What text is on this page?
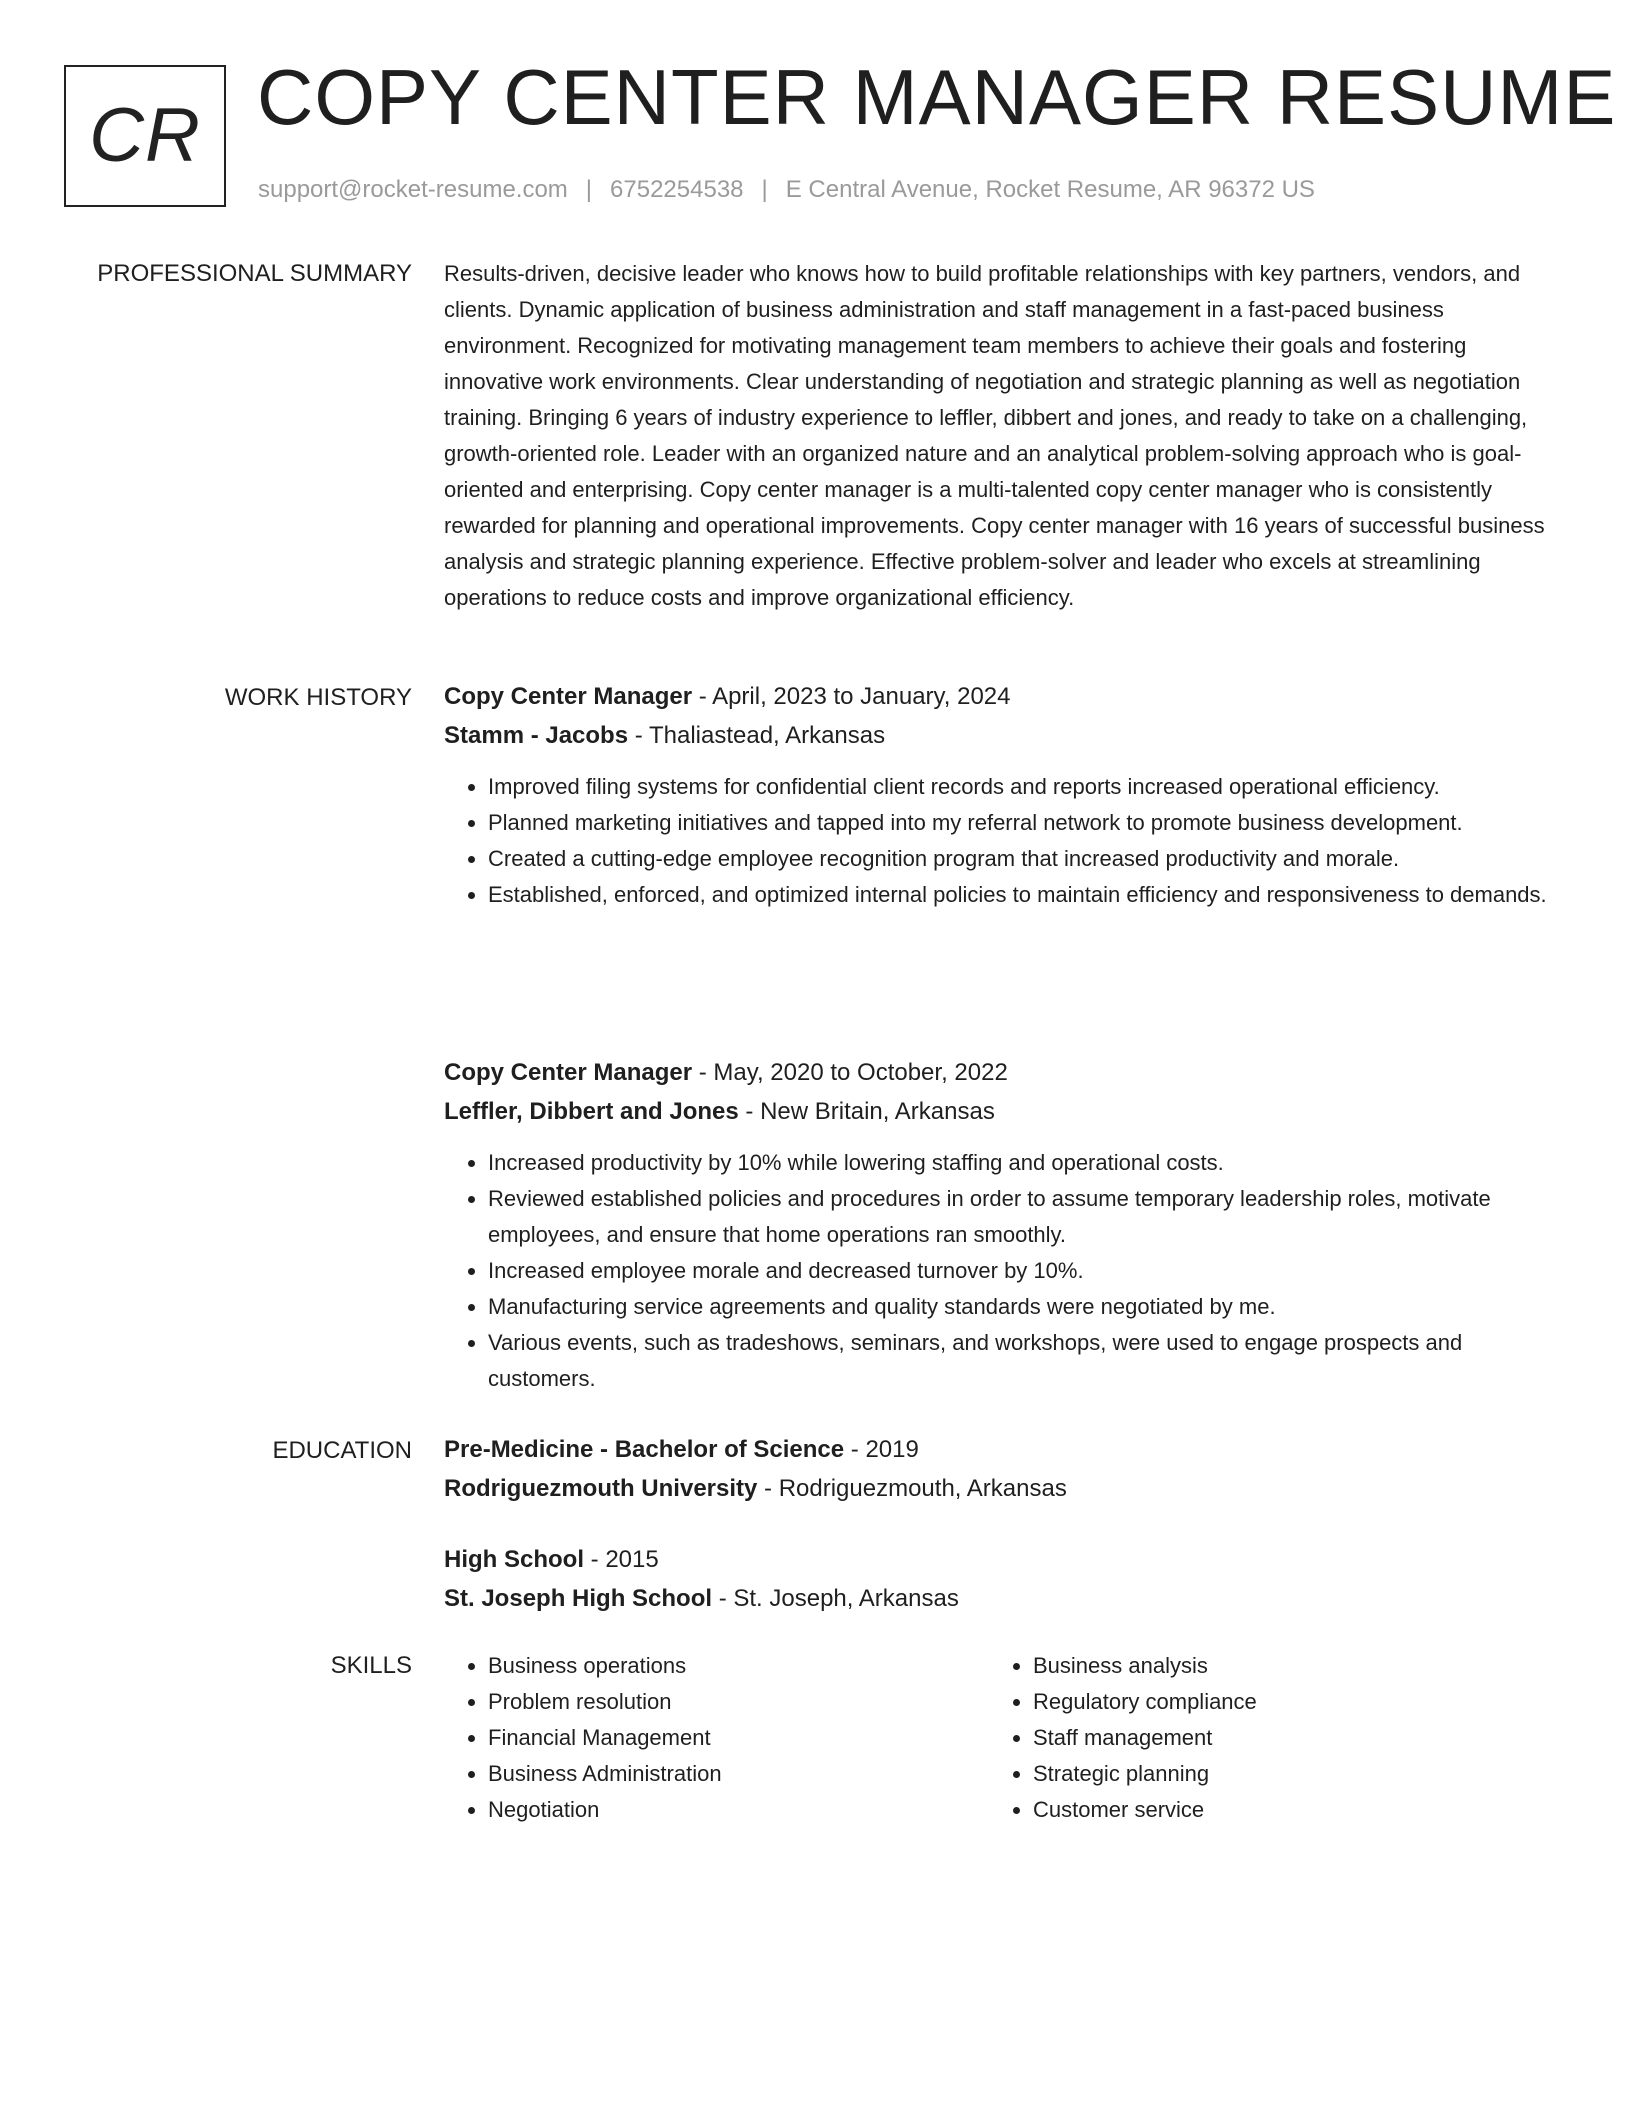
CR COPY CENTER MANAGER RESUME
support@rocket-resume.com | 6752254538 | E Central Avenue, Rocket Resume, AR 96372 US
PROFESSIONAL SUMMARY Results-driven, decisive leader who knows how to build profitable relationships with key partners, vendors, and clients. Dynamic application of business administration and staff management in a fast-paced business environment. Recognized for motivating management team members to achieve their goals and fostering innovative work environments. Clear understanding of negotiation and strategic planning as well as negotiation training. Bringing 6 years of industry experience to leffler, dibbert and jones, and ready to take on a challenging, growth-oriented role. Leader with an organized nature and an analytical problem-solving approach who is goal-oriented and enterprising. Copy center manager is a multi-talented copy center manager who is consistently rewarded for planning and operational improvements. Copy center manager with 16 years of successful business analysis and strategic planning experience. Effective problem-solver and leader who excels at streamlining operations to reduce costs and improve organizational efficiency.

WORK HISTORY Copy Center Manager - April, 2023 to January, 2024

Stamm - Jacobs - Thaliastead, Arkansas

• Improved filing systems for confidential client records and reports increased operational efficiency.
• Planned marketing initiatives and tapped into my referral network to promote business development.
• Created a cutting-edge employee recognition program that increased productivity and morale.
• Established, enforced, and optimized internal policies to maintain efficiency and responsiveness to demands.

Copy Center Manager - May, 2020 to October, 2022

Leffler, Dibbert and Jones - New Britain, Arkansas

• Increased productivity by 10% while lowering staffing and operational costs.
• Reviewed established policies and procedures in order to assume temporary leadership roles, motivate employees, and ensure that home operations ran smoothly.
• Increased employee morale and decreased turnover by 10%.
• Manufacturing service agreements and quality standards were negotiated by me.
• Various events, such as tradeshows, seminars, and workshops, were used to engage prospects and customers.
EDUCATION Pre-Medicine - Bachelor of Science - 2019

Rodriguezmouth University - Rodriguezmouth, Arkansas

High School - 2015

St. Joseph High School - St. Joseph, Arkansas

SKILLS
•	Business operations
• Problem resolution
• Financial Management
• Business Administration
• Negotiation
• Business analysis
• Regulatory compliance
• Staff management
• Strategic planning
• Customer service
